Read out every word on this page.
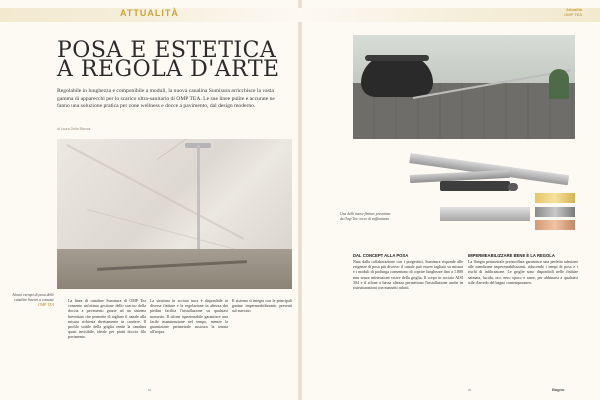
ATTUALITÀ	Attualità
OMP TEA
POSA E ESTETICA
A REGOLA D'ARTE
Regolabile in lunghezza e componibile a moduli, la nuova canalina Sumisura arricchisce la vasta gamma di apparecchi per lo scarico ultra-sanitario di OMP TEA. Le sue linee pulite e accurate ne fanno una soluzione pratica per zone wellness e docce a pavimento, dal design moderno.
di Laura Della Bianca
Alcuni esempi di posa delle canaline lineari a cassone OMP TEA
La linea di canaline Sumisura di OMP Tea consente un'ottima gestione dello scarico della doccia a pavimento grazie ad un sistema brevettato che permette di tagliare il canale alla misura richiesta direttamente in cantiere. Il profilo sottile della griglia rende la canalina quasi invisibile, ideale per piatti doccia filo pavimento.
La struttura in acciaio inox è disponibile in diverse finiture e la regolazione in altezza dei piedini facilita l'installazione su qualsiasi massetto. Il sifone ispezionabile garantisce una facile manutenzione nel tempo, mentre la guarnizione perimetrale assicura la tenuta all'acqua.
Il sistema si integra con le principali guaine impermeabilizzanti presenti sul mercato.
94
Una delle nuove finiture presentate da Omp Tea: tocco di raffinatezza
DAL CONCEPT ALLA POSA
Nata dalla collaborazione con i progettisti, Sumisura risponde alle esigenze di posa più diverse: il canale può essere tagliato su misura e i moduli di prolunga consentono di coprire lunghezze fino a 1.800 mm senza interruzioni visive della griglia. Il corpo in acciaio AISI 304 e il sifone a bassa altezza permettono l'installazione anche in ristrutturazioni con massetti ridotti.
IMPERMEABILIZZARE BENE È LA REGOLA
La flangia perimetrale preincollata garantisce una perfetta adesione alle membrane impermeabilizzanti, riducendo i tempi di posa e i rischi di infiltrazione. Le griglie sono disponibili nelle finiture satinata, lucida, oro, nero opaco e rame, per abbinarsi a qualsiasi stile d'arredo del bagno contemporaneo.
95	Bagno
